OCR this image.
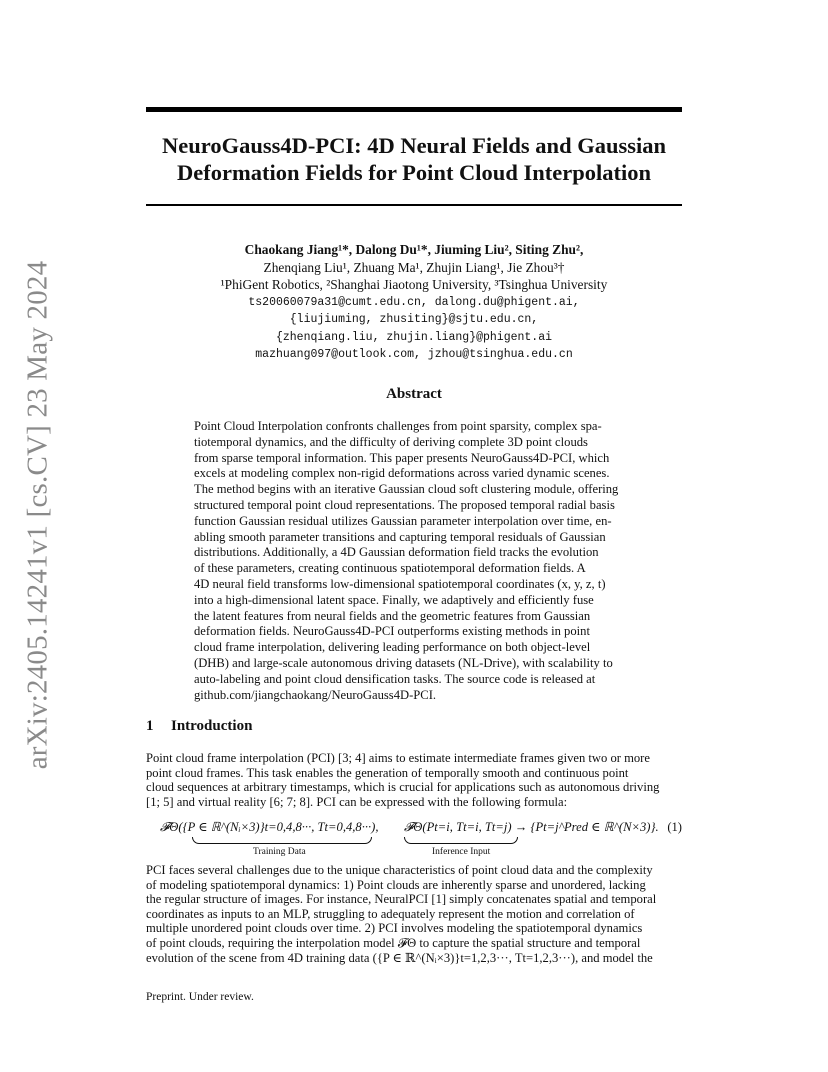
arXiv:2405.14241v1 [cs.CV] 23 May 2024
NeuroGauss4D-PCI: 4D Neural Fields and Gaussian
Deformation Fields for Point Cloud Interpolation
Chaokang Jiang¹*, Dalong Du¹*, Jiuming Liu², Siting Zhu²,
Zhenqiang Liu¹, Zhuang Ma¹, Zhujin Liang¹, Jie Zhou³†
¹PhiGent Robotics, ²Shanghai Jiaotong University, ³Tsinghua University
ts20060079a31@cumt.edu.cn, dalong.du@phigent.ai,
{liujiuming, zhusiting}@sjtu.edu.cn,
{zhenqiang.liu, zhujin.liang}@phigent.ai
mazhuang097@outlook.com, jzhou@tsinghua.edu.cn
Abstract
Point Cloud Interpolation confronts challenges from point sparsity, complex spa-
tiotemporal dynamics, and the difficulty of deriving complete 3D point clouds
from sparse temporal information. This paper presents NeuroGauss4D-PCI, which
excels at modeling complex non-rigid deformations across varied dynamic scenes.
The method begins with an iterative Gaussian cloud soft clustering module, offering
structured temporal point cloud representations. The proposed temporal radial basis
function Gaussian residual utilizes Gaussian parameter interpolation over time, en-
abling smooth parameter transitions and capturing temporal residuals of Gaussian
distributions. Additionally, a 4D Gaussian deformation field tracks the evolution
of these parameters, creating continuous spatiotemporal deformation fields. A
4D neural field transforms low-dimensional spatiotemporal coordinates (x, y, z, t)
into a high-dimensional latent space. Finally, we adaptively and efficiently fuse
the latent features from neural fields and the geometric features from Gaussian
deformation fields. NeuroGauss4D-PCI outperforms existing methods in point
cloud frame interpolation, delivering leading performance on both object-level
(DHB) and large-scale autonomous driving datasets (NL-Drive), with scalability to
auto-labeling and point cloud densification tasks. The source code is released at
github.com/jiangchaokang/NeuroGauss4D-PCI.
1 Introduction
Point cloud frame interpolation (PCI) [3; 4] aims to estimate intermediate frames given two or more
point cloud frames. This task enables the generation of temporally smooth and continuous point
cloud sequences at arbitrary timestamps, which is crucial for applications such as autonomous driving
[1; 5] and virtual reality [6; 7; 8]. PCI can be expressed with the following formula:
𝓕Θ({P ∈ ℝ^(Nᵢ×3)}t=0,4,8···, Tt=0,4,8···),
Training Data
𝓕Θ(Pt=i, Tt=i, Tt=j) → {Pt=j^Pred ∈ ℝ^(N×3)}.
Inference Input
(1)
PCI faces several challenges due to the unique characteristics of point cloud data and the complexity
of modeling spatiotemporal dynamics: 1) Point clouds are inherently sparse and unordered, lacking
the regular structure of images. For instance, NeuralPCI [1] simply concatenates spatial and temporal
coordinates as inputs to an MLP, struggling to adequately represent the motion and correlation of
multiple unordered point clouds over time. 2) PCI involves modeling the spatiotemporal dynamics
of point clouds, requiring the interpolation model 𝓕Θ to capture the spatial structure and temporal
evolution of the scene from 4D training data ({P ∈ ℝ^(Nᵢ×3)}t=1,2,3···, Tt=1,2,3···), and model the
Preprint. Under review.
